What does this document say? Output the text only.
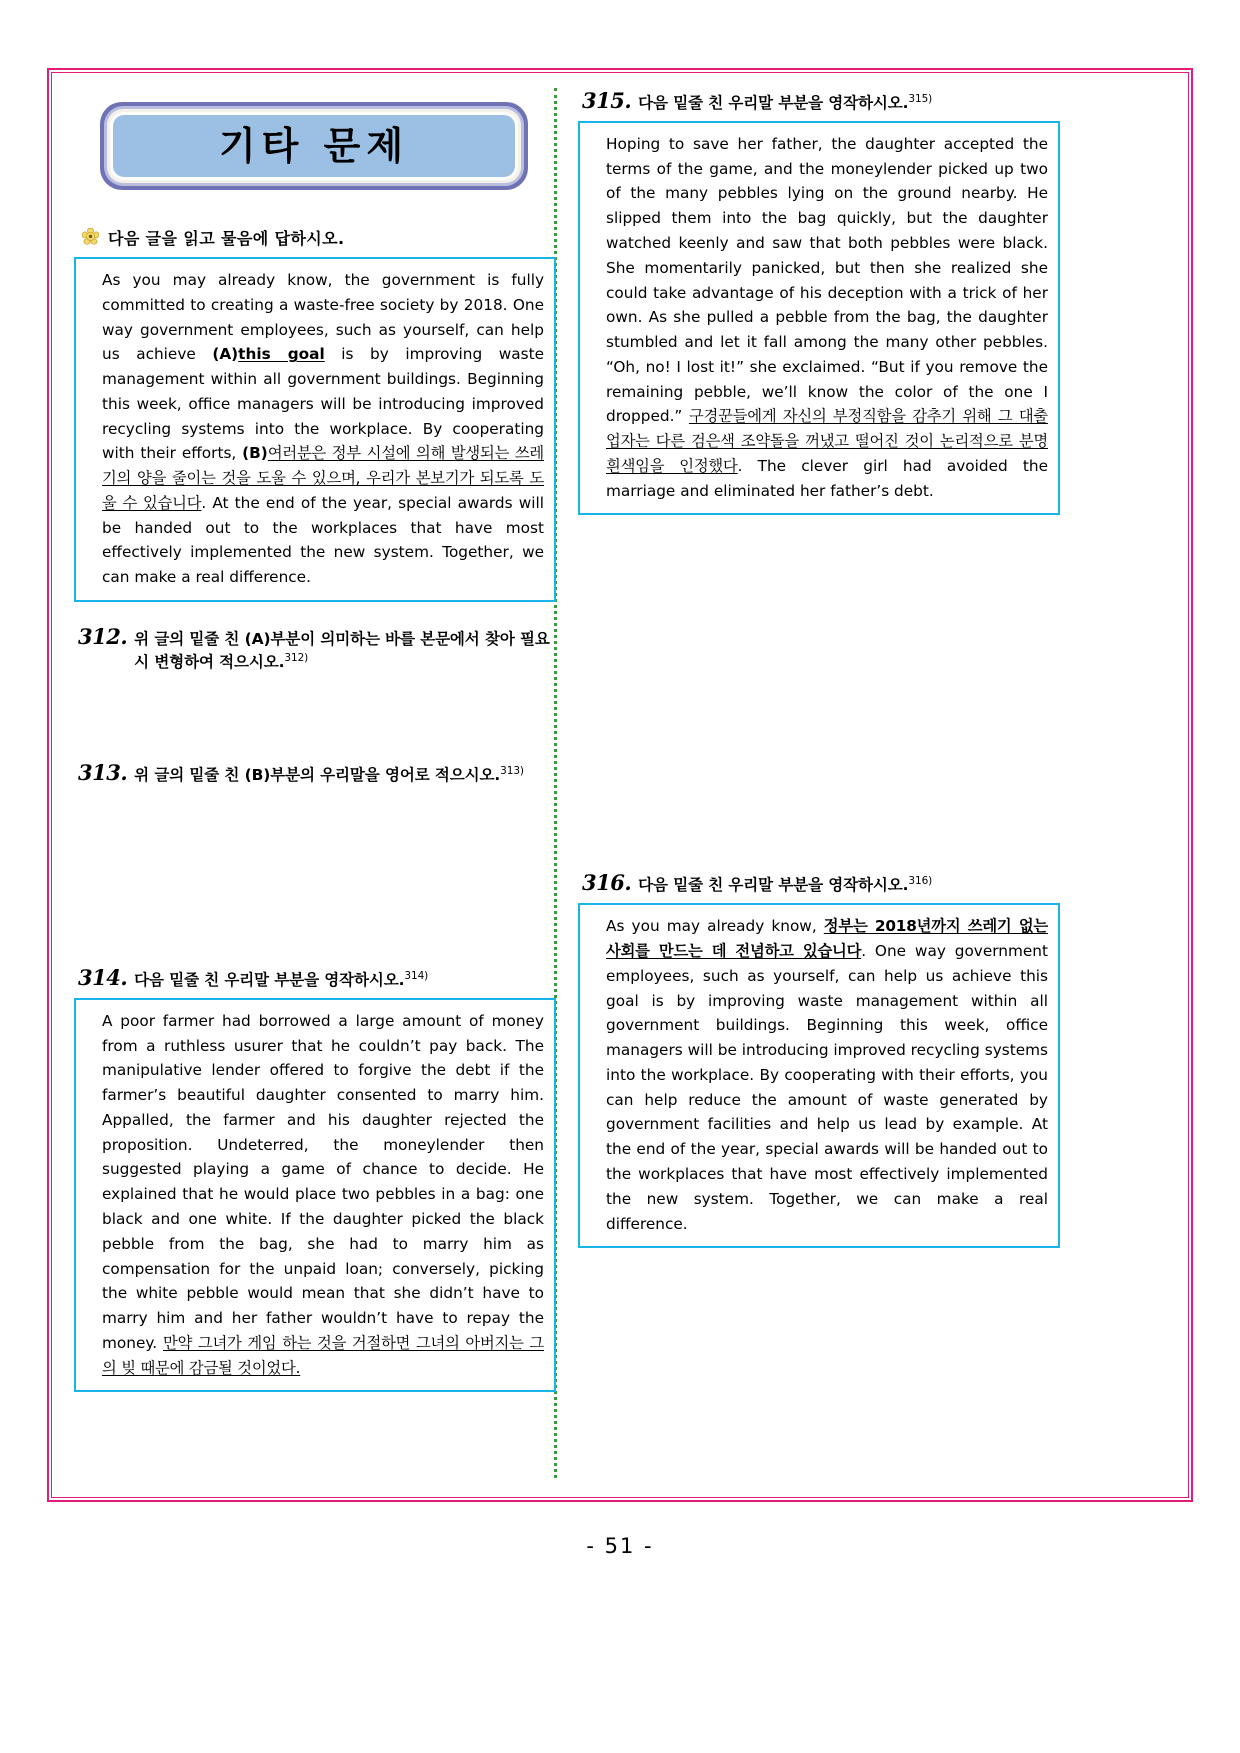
기타 문제
다음 글을 읽고 물음에 답하시오.

As you may already know, the government is fully committed to creating a waste-free society by 2018. One way government employees, such as yourself, can help us achieve (A)this goal is by improving waste management within all government buildings. Beginning this week, office managers will be introducing improved recycling systems into the workplace. By cooperating with their efforts, (B)여러분은 정부 시설에 의해 발생되는 쓰레기의 양을 줄이는 것을 도울 수 있으며, 우리가 본보기가 되도록 도울 수 있습니다. At the end of the year, special awards will be handed out to the workplaces that have most effectively implemented the new system. Together, we can make a real difference.

312. 위 글의 밑줄 친 (A)부분이 의미하는 바를 본문에서 찾아 필요시 변형하여 적으시오.$^{312)}$
313. 위 글의 밑줄 친 (B)부분의 우리말을 영어로 적으시오.$^{313)}$
314. 다음 밑줄 친 우리말 부분을 영작하시오.$^{314)}$

A poor farmer had borrowed a large amount of money from a ruthless usurer that he couldn’t pay back. The manipulative lender offered to forgive the debt if the farmer’s beautiful daughter consented to marry him. Appalled, the farmer and his daughter rejected the proposition. Undeterred, the moneylender then suggested playing a game of chance to decide. He explained that he would place two pebbles in a bag: one black and one white. If the daughter picked the black pebble from the bag, she had to marry him as compensation for the unpaid loan; conversely, picking the white pebble would mean that she didn’t have to marry him and her father wouldn’t have to repay the money. 만약 그녀가 게임 하는 것을 거절하면 그녀의 아버지는 그의 빚 때문에 감금될 것이었다.

315. 다음 밑줄 친 우리말 부분을 영작하시오.$^{315)}$

Hoping to save her father, the daughter accepted the terms of the game, and the moneylender picked up two of the many pebbles lying on the ground nearby. He slipped them into the bag quickly, but the daughter watched keenly and saw that both pebbles were black. She momentarily panicked, but then she realized she could take advantage of his deception with a trick of her own. As she pulled a pebble from the bag, the daughter stumbled and let it fall among the many other pebbles. “Oh, no! I lost it!” she exclaimed. “But if you remove the remaining pebble, we’ll know the color of the one I dropped.” 구경꾼들에게 자신의 부정직함을 감추기 위해 그 대출업자는 다른 검은색 조약돌을 꺼냈고 떨어진 것이 논리적으로 분명 흰색임을 인정했다. The clever girl had avoided the marriage and eliminated her father’s debt.

316. 다음 밑줄 친 우리말 부분을 영작하시오.$^{316)}$

As you may already know, 정부는 2018년까지 쓰레기 없는 사회를 만드는 데 전념하고 있습니다. One way government employees, such as yourself, can help us achieve this goal is by improving waste management within all government buildings. Beginning this week, office managers will be introducing improved recycling systems into the workplace. By cooperating with their efforts, you can help reduce the amount of waste generated by government facilities and help us lead by example. At the end of the year, special awards will be handed out to the workplaces that have most effectively implemented the new system. Together, we can make a real difference.

- 51 -
